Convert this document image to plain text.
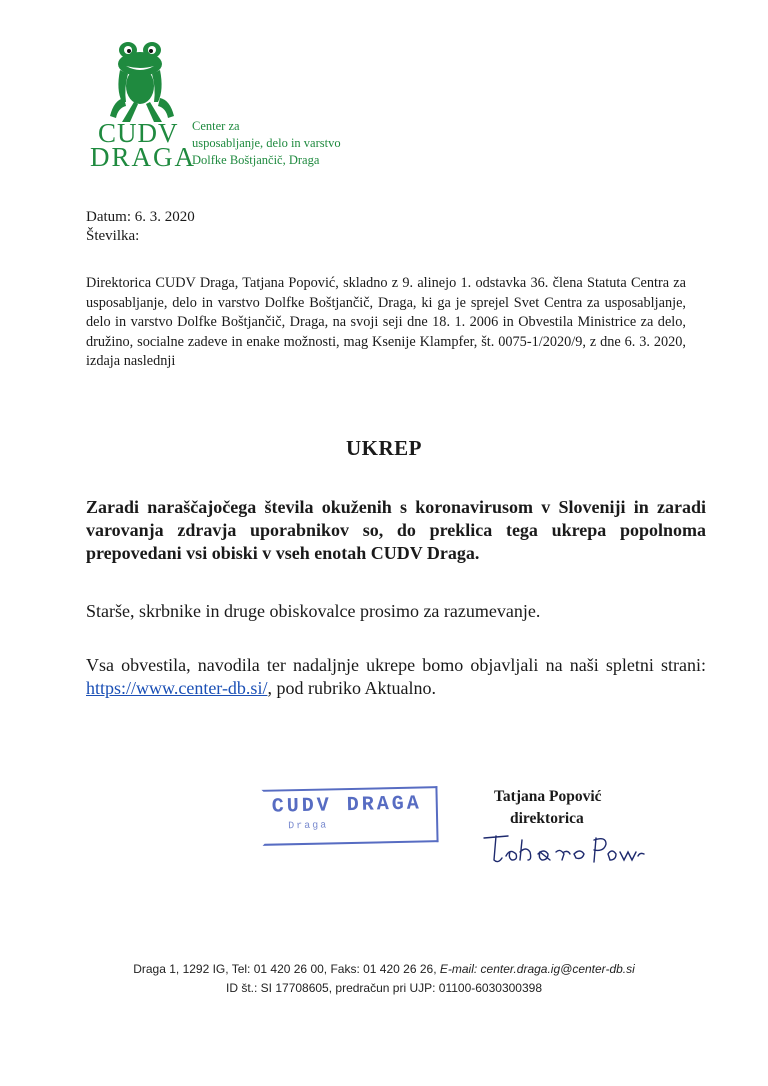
CUDV
DRAGA
Center za
usposabljanje, delo in varstvo
Dolfke Boštjančič, Draga
Datum: 6. 3. 2020
Številka:
Direktorica CUDV Draga, Tatjana Popović, skladno z 9. alinejo 1. odstavka 36. člena Statuta Centra za usposabljanje, delo in varstvo Dolfke Boštjančič, Draga, ki ga je sprejel Svet Centra za usposabljanje, delo in varstvo Dolfke Boštjančič, Draga, na svoji seji dne 18. 1. 2006 in Obvestila Ministrice za delo, družino, socialne zadeve in enake možnosti, mag Ksenije Klampfer, št. 0075-1/2020/9, z dne 6. 3. 2020, izdaja naslednji
UKREP
Zaradi naraščajočega števila okuženih s koronavirusom v Sloveniji in zaradi varovanja zdravja uporabnikov so, do preklica tega ukrepa popolnoma prepovedani vsi obiski v vseh enotah CUDV Draga.
Starše, skrbnike in druge obiskovalce prosimo za razumevanje.
Vsa obvestila, navodila ter nadaljnje ukrepe bomo objavljali na naši spletni strani: https://www.center-db.si/, pod rubriko Aktualno.
CUDV DRAGA
Draga
Tatjana Popović
direktorica
Draga 1, 1292 IG, Tel: 01 420 26 00, Faks: 01 420 26 26, E-mail: center.draga.ig@center-db.si
ID št.: SI 17708605, predračun pri UJP: 01100-6030300398
